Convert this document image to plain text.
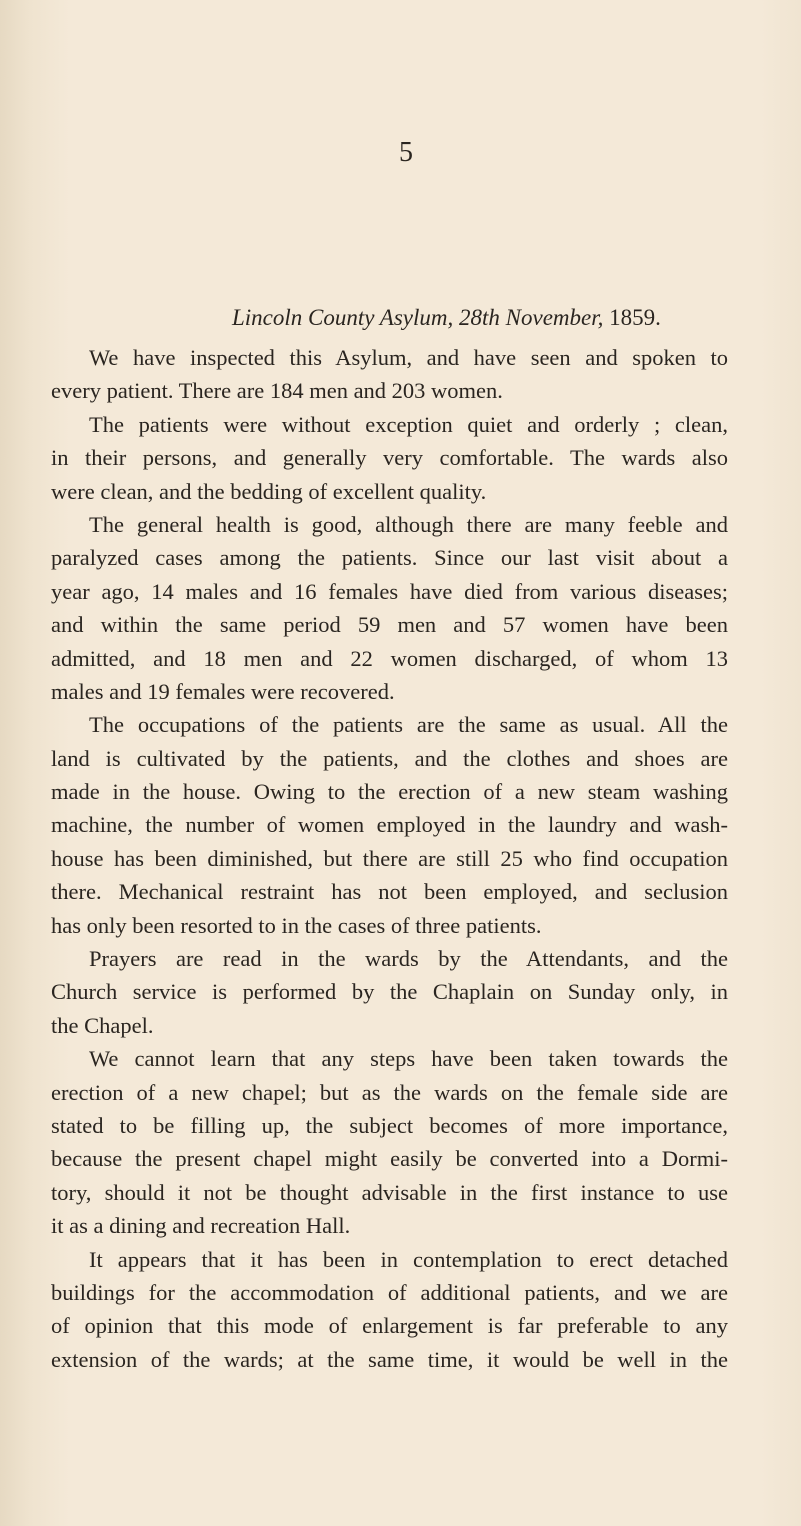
5
Lincoln County Asylum, 28th November, 1859.
We have inspected this Asylum, and have seen and spoken to
every patient. There are 184 men and 203 women.
The patients were without exception quiet and orderly ; clean,
in their persons, and generally very comfortable. The wards also
were clean, and the bedding of excellent quality.
The general health is good, although there are many feeble and
paralyzed cases among the patients. Since our last visit about a
year ago, 14 males and 16 females have died from various diseases;
and within the same period 59 men and 57 women have been
admitted, and 18 men and 22 women discharged, of whom 13
males and 19 females were recovered.
The occupations of the patients are the same as usual. All the
land is cultivated by the patients, and the clothes and shoes are
made in the house. Owing to the erection of a new steam washing
machine, the number of women employed in the laundry and wash-
house has been diminished, but there are still 25 who find occupation
there. Mechanical restraint has not been employed, and seclusion
has only been resorted to in the cases of three patients.
Prayers are read in the wards by the Attendants, and the
Church service is performed by the Chaplain on Sunday only, in
the Chapel.
We cannot learn that any steps have been taken towards the
erection of a new chapel; but as the wards on the female side are
stated to be filling up, the subject becomes of more importance,
because the present chapel might easily be converted into a Dormi-
tory, should it not be thought advisable in the first instance to use
it as a dining and recreation Hall.
It appears that it has been in contemplation to erect detached
buildings for the accommodation of additional patients, and we are
of opinion that this mode of enlargement is far preferable to any
extension of the wards; at the same time, it would be well in the
